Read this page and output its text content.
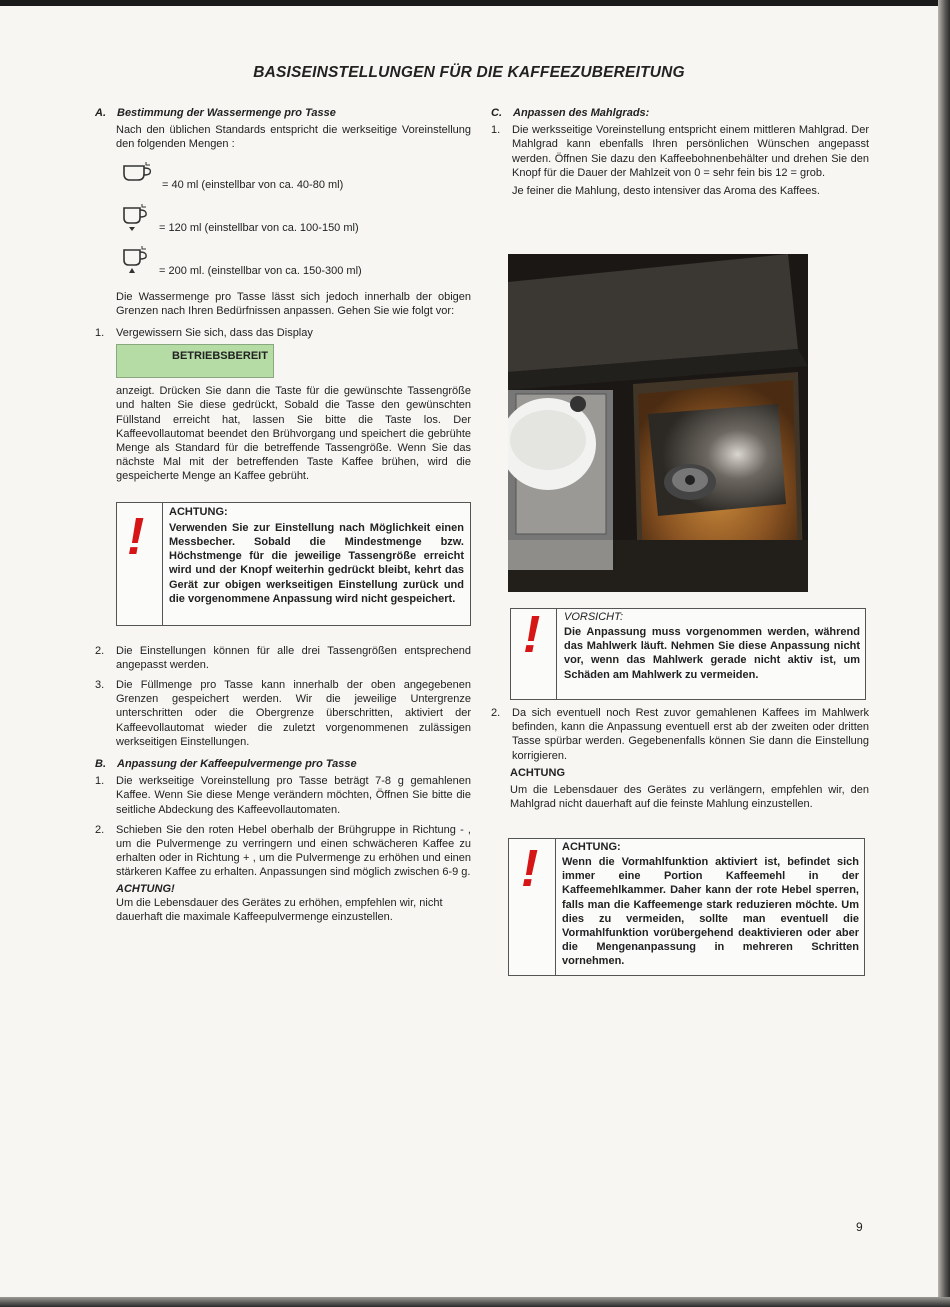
BASISEINSTELLUNGEN FÜR DIE KAFFEEZUBEREITUNG
A. Bestimmung der Wassermenge pro Tasse

Nach den üblichen Standards entspricht die werkseitige Voreinstellung den folgenden Mengen :

= 40 ml (einstellbar von ca. 40-80 ml)
= 120 ml (einstellbar von ca. 100-150 ml)
= 200 ml. (einstellbar von ca. 150-300 ml)

Die Wassermenge pro Tasse lässt sich jedoch innerhalb der obigen Grenzen nach Ihren Bedürfnissen anpassen. Gehen Sie wie folgt vor:

1. Vergewissern Sie sich, dass das Display
BETRIEBSBEREIT

anzeigt. Drücken Sie dann die Taste für die gewünschte Tassengröße und halten Sie diese gedrückt, Sobald die Tasse den gewünschten Füllstand erreicht hat, lassen Sie bitte die Taste los. Der Kaffeevollautomat beendet den Brühvorgang und speichert die gebrühte Menge als Standard für die betreffende Tassengröße. Wenn Sie das nächste Mal mit der betreffenden Taste Kaffee brühen, wird die gespeicherte Menge an Kaffee gebrüht.

! ACHTUNG:
Verwenden Sie zur Einstellung nach Möglichkeit einen Messbecher. Sobald die Mindestmenge bzw. Höchstmenge für die jeweilige Tassengröße erreicht wird und der Knopf weiterhin gedrückt bleibt, kehrt das Gerät zur obigen werkseitigen Einstellung zurück und die vorgenommene Anpassung wird nicht gespeichert.
2. Die Einstellungen können für alle drei Tassengrößen entsprechend angepasst werden.
3. Die Füllmenge pro Tasse kann innerhalb der oben angegebenen Grenzen gespeichert werden. Wir die jeweilige Untergrenze unterschritten oder die Obergrenze überschritten, aktiviert der Kaffeevollautomat wieder die zuletzt vorgenommenen zulässigen werkseitigen Einstellungen.
B. Anpassung der Kaffeepulvermenge pro Tasse
1. Die werkseitige Voreinstellung pro Tasse beträgt 7-8 g gemahlenen Kaffee. Wenn Sie diese Menge verändern möchten, Öffnen Sie bitte die seitliche Abdeckung des Kaffeevollautomaten.
2. Schieben Sie den roten Hebel oberhalb der Brühgruppe in Richtung - , um die Pulvermenge zu verringern und einen schwächeren Kaffee zu erhalten oder in Richtung + , um die Pulvermenge zu erhöhen und einen stärkeren Kaffee zu erhalten. Anpassungen sind möglich zwischen 6-9 g.
ACHTUNG!

Um die Lebensdauer des Gerätes zu erhöhen, empfehlen wir, nicht dauerhaft die maximale Kaffeepulvermenge einzustellen.

C. Anpassen des Mahlgrads:
1. Die werksseitige Voreinstellung entspricht einem mittleren Mahlgrad. Der Mahlgrad kann ebenfalls Ihren persönlichen Wünschen angepasst werden. Öffnen Sie dazu den Kaffeebohnenbehälter und drehen Sie den Knopf für die Dauer der Mahlzeit von 0 = sehr fein bis 12 = grob.

Je feiner die Mahlung, desto intensiver das Aroma des Kaffees.

! VORSICHT:
Die Anpassung muss vorgenommen werden, während das Mahlwerk läuft. Nehmen Sie diese Anpassung nicht vor, wenn das Mahlwerk gerade nicht aktiv ist, um Schäden am Mahlwerk zu vermeiden.
2. Da sich eventuell noch Rest zuvor gemahlenen Kaffees im Mahlwerk befinden, kann die Anpassung eventuell erst ab der zweiten oder dritten Tasse spürbar werden. Gegebenenfalls können Sie dann die Einstellung korrigieren.
ACHTUNG

Um die Lebensdauer des Gerätes zu verlängern, empfehlen wir, den Mahlgrad nicht dauerhaft auf die feinste Mahlung einzustellen.

! ACHTUNG:
Wenn die Vormahlfunktion aktiviert ist, befindet sich immer eine Portion Kaffeemehl in der Kaffeemehlkammer. Daher kann der rote Hebel sperren, falls man die Kaffeemenge stark reduzieren möchte. Um dies zu vermeiden, sollte man eventuell die Vormahlfunktion vorübergehend deaktivieren oder aber die Mengenanpassung in mehreren Schritten vornehmen.
9
